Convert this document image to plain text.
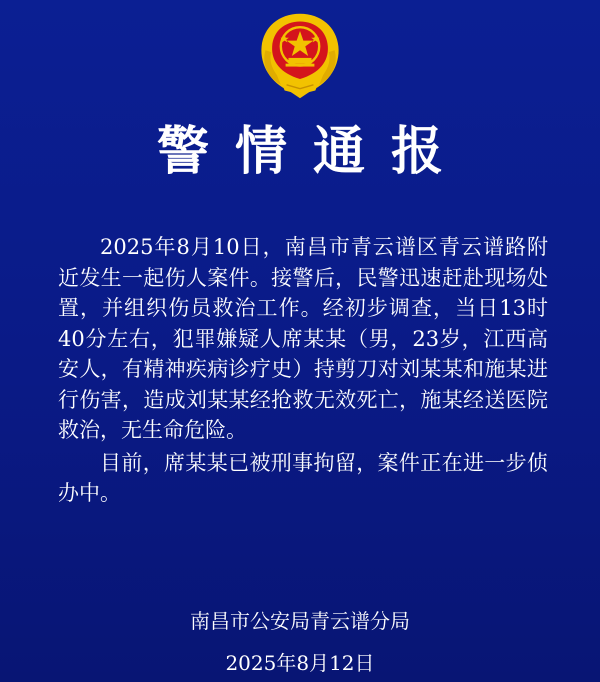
警情通报

2025年8月10日，南昌市青云谱区青云谱路附近发生一起伤人案件。接警后，民警迅速赶赴现场处置，并组织伤员救治工作。经初步调查，当日13时40分左右，犯罪嫌疑人席某某（男，23岁，江西高安人，有精神疾病诊疗史）持剪刀对刘某某和施某进行伤害，造成刘某某经抢救无效死亡，施某经送医院救治，无生命危险。

目前，席某某已被刑事拘留，案件正在进一步侦办中。

南昌市公安局青云谱分局
2025年8月12日
